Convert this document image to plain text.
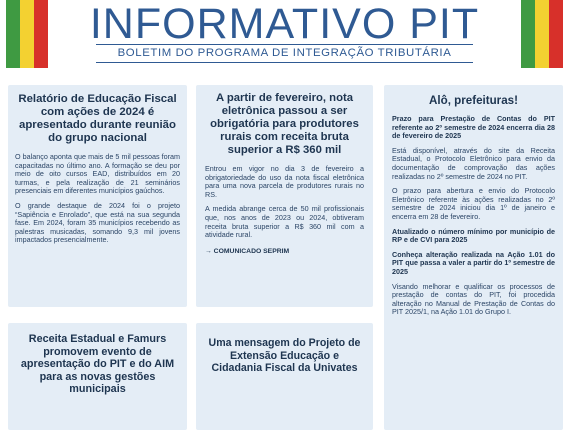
INFORMATIVO PIT
BOLETIM DO PROGRAMA DE INTEGRAÇÃO TRIBUTÁRIA
Relatório de Educação Fiscal com ações de 2024 é apresentado durante reunião do grupo nacional

O balanço aponta que mais de 5 mil pessoas foram capacitadas no último ano. A formação se deu por meio de oito cursos EAD, distribuídos em 20 turmas, e pela realização de 21 seminários presenciais em diferentes municípios gaúchos.

O grande destaque de 2024 foi o projeto “Sapiência e Enrolado”, que está na sua segunda fase. Em 2024, foram 35 municípios recebendo as palestras musicadas, somando 9,3 mil jovens impactados presencialmente.

A partir de fevereiro, nota eletrônica passou a ser obrigatória para produtores rurais com receita bruta superior a R$ 360 mil

Entrou em vigor no dia 3 de fevereiro a obrigatoriedade do uso da nota fiscal eletrônica para uma nova parcela de produtores rurais no RS.

A medida abrange cerca de 50 mil profissionais que, nos anos de 2023 ou 2024, obtiveram receita bruta superior a R$ 360 mil com a atividade rural.

→ COMUNICADO SEPRIM
Alô, prefeituras!

Prazo para Prestação de Contas do PIT referente ao 2º semestre de 2024 encerra dia 28 de fevereiro de 2025

Está disponível, através do site da Receita Estadual, o Protocolo Eletrônico para envio da documentação de comprovação das ações realizadas no 2º semestre de 2024 no PIT.

O prazo para abertura e envio do Protocolo Eletrônico referente às ações realizadas no 2º semestre de 2024 iniciou dia 1º de janeiro e encerra em 28 de fevereiro.

Atualizado o número mínimo por município de RP e de CVI para 2025

Conheça alteração realizada na Ação 1.01 do PIT que passa a valer a partir do 1º semestre de 2025

Visando melhorar e qualificar os processos de prestação de contas do PIT, foi procedida alteração no Manual de Prestação de Contas do PIT 2025/1, na Ação 1.01 do Grupo I.

Receita Estadual e Famurs promovem evento de apresentação do PIT e do AIM para as novas gestões municipais
Uma mensagem do Projeto de Extensão Educação e Cidadania Fiscal da Univates
